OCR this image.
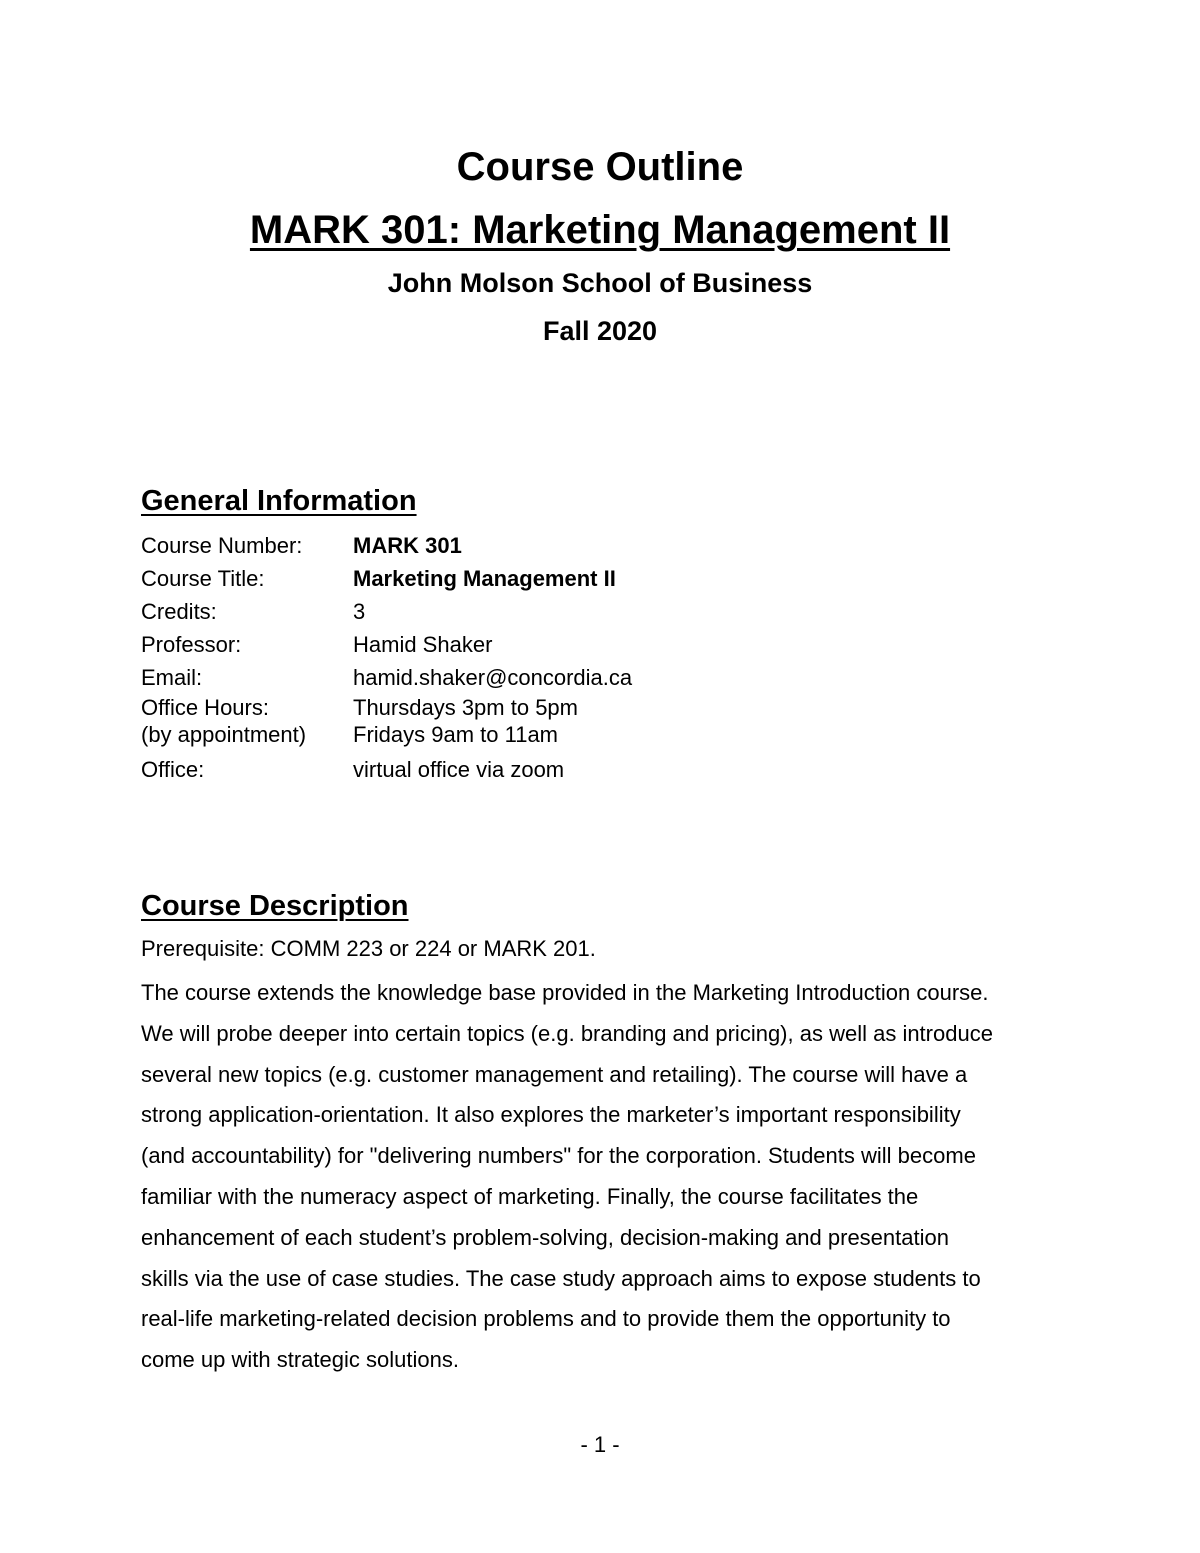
Course Outline
MARK 301: Marketing Management II
John Molson School of Business
Fall 2020
General Information
Course Number:	MARK 301
Course Title:	Marketing Management II
Credits:	3
Professor:	Hamid Shaker
Email:	hamid.shaker@concordia.ca
Office Hours:	Thursdays 3pm to 5pm
(by appointment)	Fridays 9am to 11am
Office:	virtual office via zoom
Course Description
Prerequisite: COMM 223 or 224 or MARK 201.
The course extends the knowledge base provided in the Marketing Introduction course.
We will probe deeper into certain topics (e.g. branding and pricing), as well as introduce
several new topics (e.g. customer management and retailing). The course will have a
strong application-orientation. It also explores the marketer’s important responsibility
(and accountability) for "delivering numbers" for the corporation. Students will become
familiar with the numeracy aspect of marketing. Finally, the course facilitates the
enhancement of each student’s problem-solving, decision-making and presentation
skills via the use of case studies. The case study approach aims to expose students to
real-life marketing-related decision problems and to provide them the opportunity to
come up with strategic solutions.
- 1 -
